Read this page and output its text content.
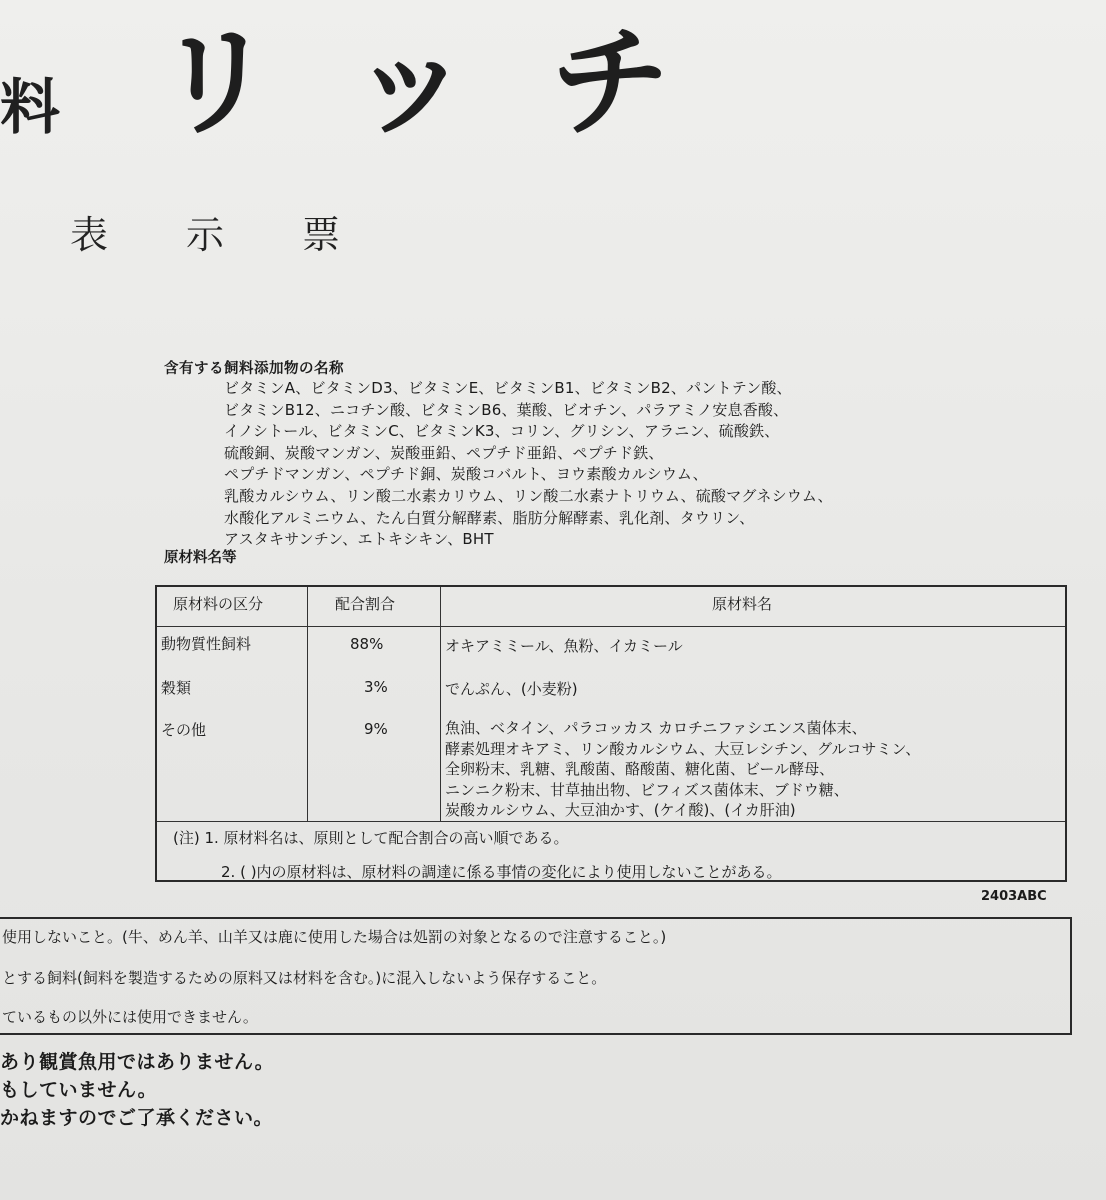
料 リッチ
表示票
含有する飼料添加物の名称
ビタミンA、ビタミンD3、ビタミンE、ビタミンB1、ビタミンB2、パントテン酸、
ビタミンB12、ニコチン酸、ビタミンB6、葉酸、ビオチン、パラアミノ安息香酸、
イノシトール、ビタミンC、ビタミンK3、コリン、グリシン、アラニン、硫酸鉄、
硫酸銅、炭酸マンガン、炭酸亜鉛、ペプチド亜鉛、ペプチド鉄、
ペプチドマンガン、ペプチド銅、炭酸コバルト、ヨウ素酸カルシウム、
乳酸カルシウム、リン酸二水素カリウム、リン酸二水素ナトリウム、硫酸マグネシウム、
水酸化アルミニウム、たん白質分解酵素、脂肪分解酵素、乳化剤、タウリン、
アスタキサンチン、エトキシキン、BHT
原材料名等
原材料の区分	配合割合	原材料名
動物質性飼料	88%	オキアミミール、魚粉、イカミール
穀類	3%	でんぷん、(小麦粉)
その他	9%	魚油、ベタイン、パラコッカス カロチニファシエンス菌体末、
酵素処理オキアミ、リン酸カルシウム、大豆レシチン、グルコサミン、
全卵粉末、乳糖、乳酸菌、酪酸菌、糖化菌、ビール酵母、
ニンニク粉末、甘草抽出物、ビフィズス菌体末、ブドウ糖、
炭酸カルシウム、大豆油かす、(ケイ酸)、(イカ肝油)
(注) 1. 原材料名は、原則として配合割合の高い順である。
2. ( )内の原材料は、原材料の調達に係る事情の変化により使用しないことがある。
2403ABC
使用しないこと。(牛、めん羊、山羊又は鹿に使用した場合は処罰の対象となるので注意すること。)
とする飼料(飼料を製造するための原料又は材料を含む。)に混入しないよう保存すること。
ているもの以外には使用できません。
あり観賞魚用ではありません。
もしていません。
かねますのでご了承ください。
